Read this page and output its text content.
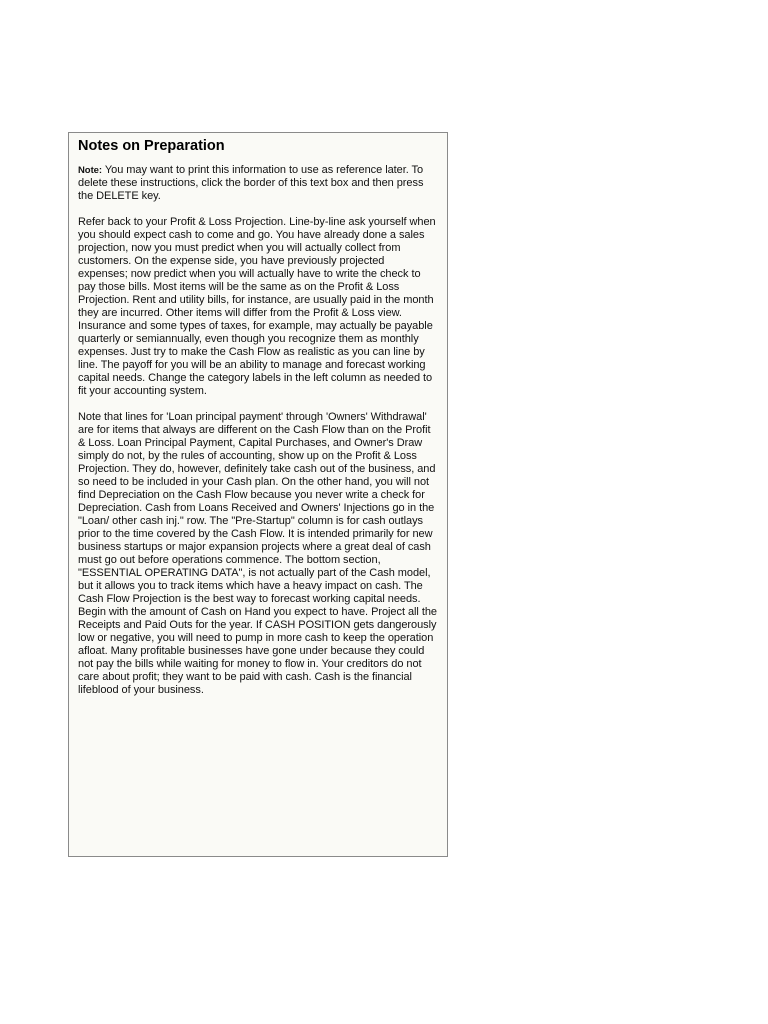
Notes on Preparation

Note: You may want to print this information to use as reference later. To delete these instructions, click the border of this text box and then press the DELETE key.

Refer back to your Profit & Loss Projection. Line-by-line ask yourself when you should expect cash to come and go. You have already done a sales projection, now you must predict when you will actually collect from customers. On the expense side, you have previously projected expenses; now predict when you will actually have to write the check to pay those bills. Most items will be the same as on the Profit & Loss Projection. Rent and utility bills, for instance, are usually paid in the month they are incurred. Other items will differ from the Profit & Loss view. Insurance and some types of taxes, for example, may actually be payable quarterly or semiannually, even though you recognize them as monthly expenses. Just try to make the Cash Flow as realistic as you can line by line. The payoff for you will be an ability to manage and forecast working capital needs. Change the category labels in the left column as needed to fit your accounting system.

Note that lines for 'Loan principal payment' through 'Owners' Withdrawal' are for items that always are different on the Cash Flow than on the Profit & Loss. Loan Principal Payment, Capital Purchases, and Owner's Draw simply do not, by the rules of accounting, show up on the Profit & Loss Projection. They do, however, definitely take cash out of the business, and so need to be included in your Cash plan. On the other hand, you will not find Depreciation on the Cash Flow because you never write a check for Depreciation. Cash from Loans Received and Owners' Injections go in the "Loan/ other cash inj." row. The "Pre-Startup" column is for cash outlays prior to the time covered by the Cash Flow. It is intended primarily for new business startups or major expansion projects where a great deal of cash must go out before operations commence. The bottom section, "ESSENTIAL OPERATING DATA", is not actually part of the Cash model, but it allows you to track items which have a heavy impact on cash. The Cash Flow Projection is the best way to forecast working capital needs. Begin with the amount of Cash on Hand you expect to have. Project all the Receipts and Paid Outs for the year. If CASH POSITION gets dangerously low or negative, you will need to pump in more cash to keep the operation afloat. Many profitable businesses have gone under because they could not pay the bills while waiting for money to flow in. Your creditors do not care about profit; they want to be paid with cash. Cash is the financial lifeblood of your business.
